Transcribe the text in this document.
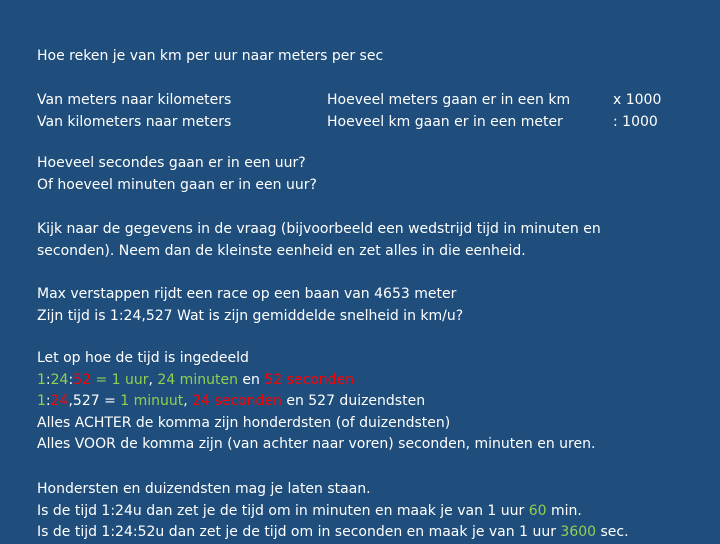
Hoe reken je van km per uur naar meters per sec
Van meters naar kilometers	Hoeveel meters gaan er in een km	x 1000
Van kilometers naar meters	Hoeveel km gaan er in een meter	: 1000
Hoeveel secondes gaan er in een uur?
Of hoeveel minuten gaan er in een uur?
Kijk naar de gegevens in de vraag (bijvoorbeeld een wedstrijd tijd in minuten en
seconden). Neem dan de kleinste eenheid en zet alles in die eenheid.
Max verstappen rijdt een race op een baan van 4653 meter
Zijn tijd is 1:24,527 Wat is zijn gemiddelde snelheid in km/u?
Let op hoe de tijd is ingedeeld
1:24:52 = 1 uur, 24 minuten en 52 seconden
1:24,527 = 1 minuut, 24 seconden en 527 duizendsten
Alles ACHTER de komma zijn honderdsten (of duizendsten)
Alles VOOR de komma zijn (van achter naar voren) seconden, minuten en uren.
Hondersten en duizendsten mag je laten staan.
Is de tijd 1:24u dan zet je de tijd om in minuten en maak je van 1 uur 60 min.
Is de tijd 1:24:52u dan zet je de tijd om in seconden en maak je van 1 uur 3600 sec.
